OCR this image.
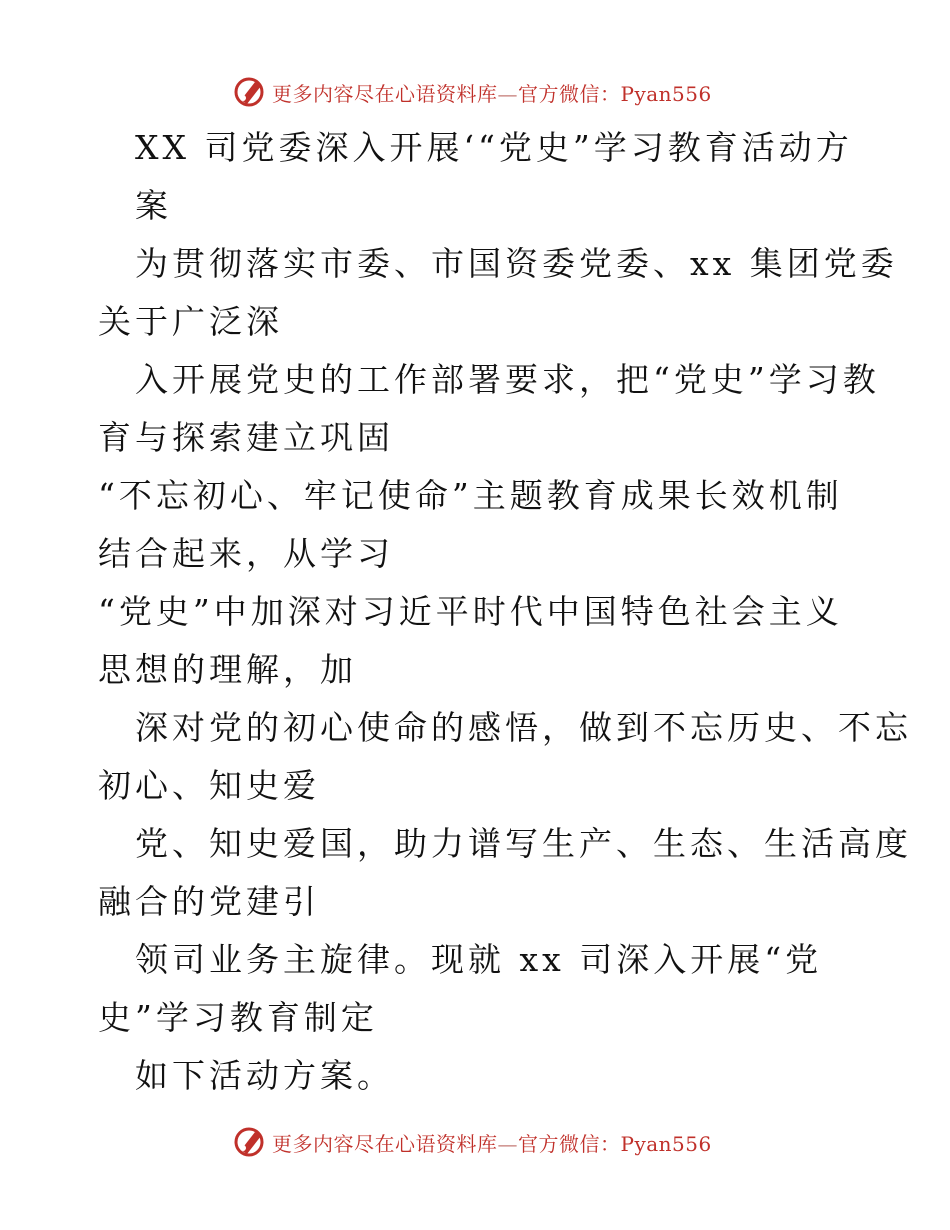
更多内容尽在心语资料库—官方微信：Pyan556
XX 司党委深入开展‘“党史”学习教育活动方
案
为贯彻落实市委、市国资委党委、xx 集团党委
关于广泛深
入开展党史的工作部署要求，把“党史”学习教
育与探索建立巩固
“不忘初心、牢记使命”主题教育成果长效机制
结合起来，从学习
“党史”中加深对习近平时代中国特色社会主义
思想的理解，加
深对党的初心使命的感悟，做到不忘历史、不忘
初心、知史爱
党、知史爱国，助力谱写生产、生态、生活高度
融合的党建引
领司业务主旋律。现就 xx 司深入开展“党
史”学习教育制定
如下活动方案。
更多内容尽在心语资料库—官方微信：Pyan556
